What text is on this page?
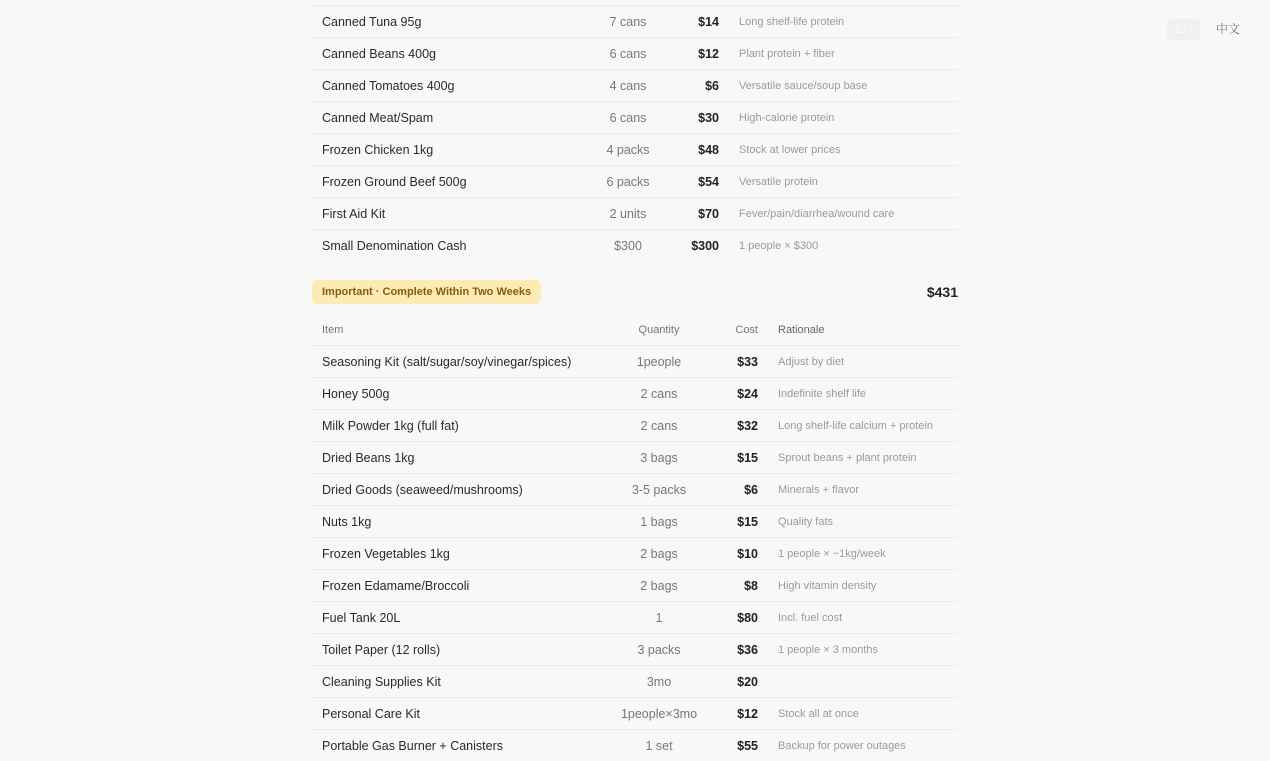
EN	中文
Canned Tuna 95g	7 cans	$14	Long shelf-life protein
Canned Beans 400g	6 cans	$12	Plant protein + fiber
Canned Tomatoes 400g	4 cans	$6	Versatile sauce/soup base
Canned Meat/Spam	6 cans	$30	High-calorie protein
Frozen Chicken 1kg	4 packs	$48	Stock at lower prices
Frozen Ground Beef 500g	6 packs	$54	Versatile protein
First Aid Kit	2 units	$70	Fever/pain/diarrhea/wound care
Small Denomination Cash	$300	$300	1 people × $300
Important · Complete Within Two Weeks	$431
Item	Quantity	Cost	Rationale
Seasoning Kit (salt/sugar/soy/vinegar/spices)	1people	$33	Adjust by diet
Honey 500g	2 cans	$24	Indefinite shelf life
Milk Powder 1kg (full fat)	2 cans	$32	Long shelf-life calcium + protein
Dried Beans 1kg	3 bags	$15	Sprout beans + plant protein
Dried Goods (seaweed/mushrooms)	3-5 packs	$6	Minerals + flavor
Nuts 1kg	1 bags	$15	Quality fats
Frozen Vegetables 1kg	2 bags	$10	1 people × ~1kg/week
Frozen Edamame/Broccoli	2 bags	$8	High vitamin density
Fuel Tank 20L	1	$80	Incl. fuel cost
Toilet Paper (12 rolls)	3 packs	$36	1 people × 3 months
Cleaning Supplies Kit	3mo	$20
Personal Care Kit	1people×3mo	$12	Stock all at once
Portable Gas Burner + Canisters	1 set	$55	Backup for power outages
